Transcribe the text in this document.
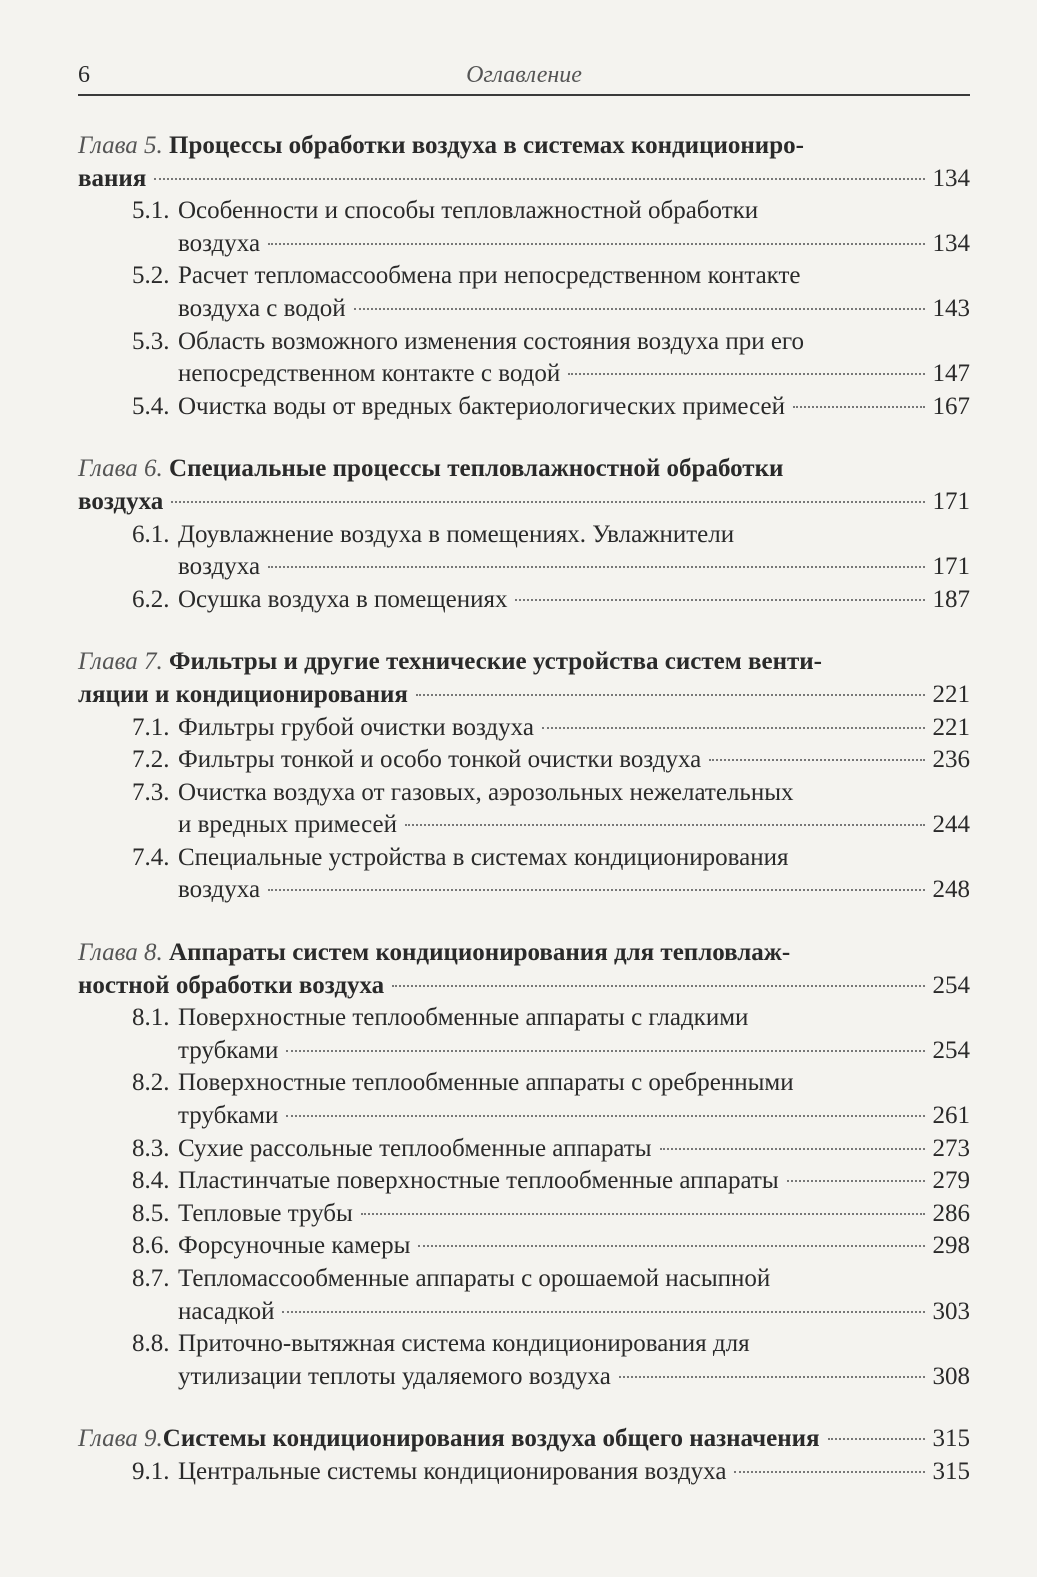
6	Оглавление
Глава 5. Процессы обработки воздуха в системах кондициониро-
вания	134
5.1. Особенности и способы тепловлажностной обработки
воздуха	134
5.2. Расчет тепломассообмена при непосредственном контакте
воздуха с водой	143
5.3. Область возможного изменения состояния воздуха при его
непосредственном контакте с водой	147
5.4. Очистка воды от вредных бактериологических примесей	167
Глава 6. Специальные процессы тепловлажностной обработки
воздуха	171
6.1. Доувлажнение воздуха в помещениях. Увлажнители
воздуха	171
6.2. Осушка воздуха в помещениях	187
Глава 7. Фильтры и другие технические устройства систем венти-
ляции и кондиционирования	221
7.1. Фильтры грубой очистки воздуха	221
7.2. Фильтры тонкой и особо тонкой очистки воздуха	236
7.3. Очистка воздуха от газовых, аэрозольных нежелательных
и вредных примесей	244
7.4. Специальные устройства в системах кондиционирования
воздуха	248
Глава 8. Аппараты систем кондиционирования для тепловлаж-
ностной обработки воздуха	254
8.1. Поверхностные теплообменные аппараты с гладкими
трубками	254
8.2. Поверхностные теплообменные аппараты с оребренными
трубками	261
8.3. Сухие рассольные теплообменные аппараты	273
8.4. Пластинчатые поверхностные теплообменные аппараты	279
8.5. Тепловые трубы	286
8.6. Форсуночные камеры	298
8.7. Тепломассообменные аппараты с орошаемой насыпной
насадкой	303
8.8. Приточно-вытяжная система кондиционирования для
утилизации теплоты удаляемого воздуха	308
Глава 9. Системы кондиционирования воздуха общего назначения	315
9.1. Центральные системы кондиционирования воздуха	315
